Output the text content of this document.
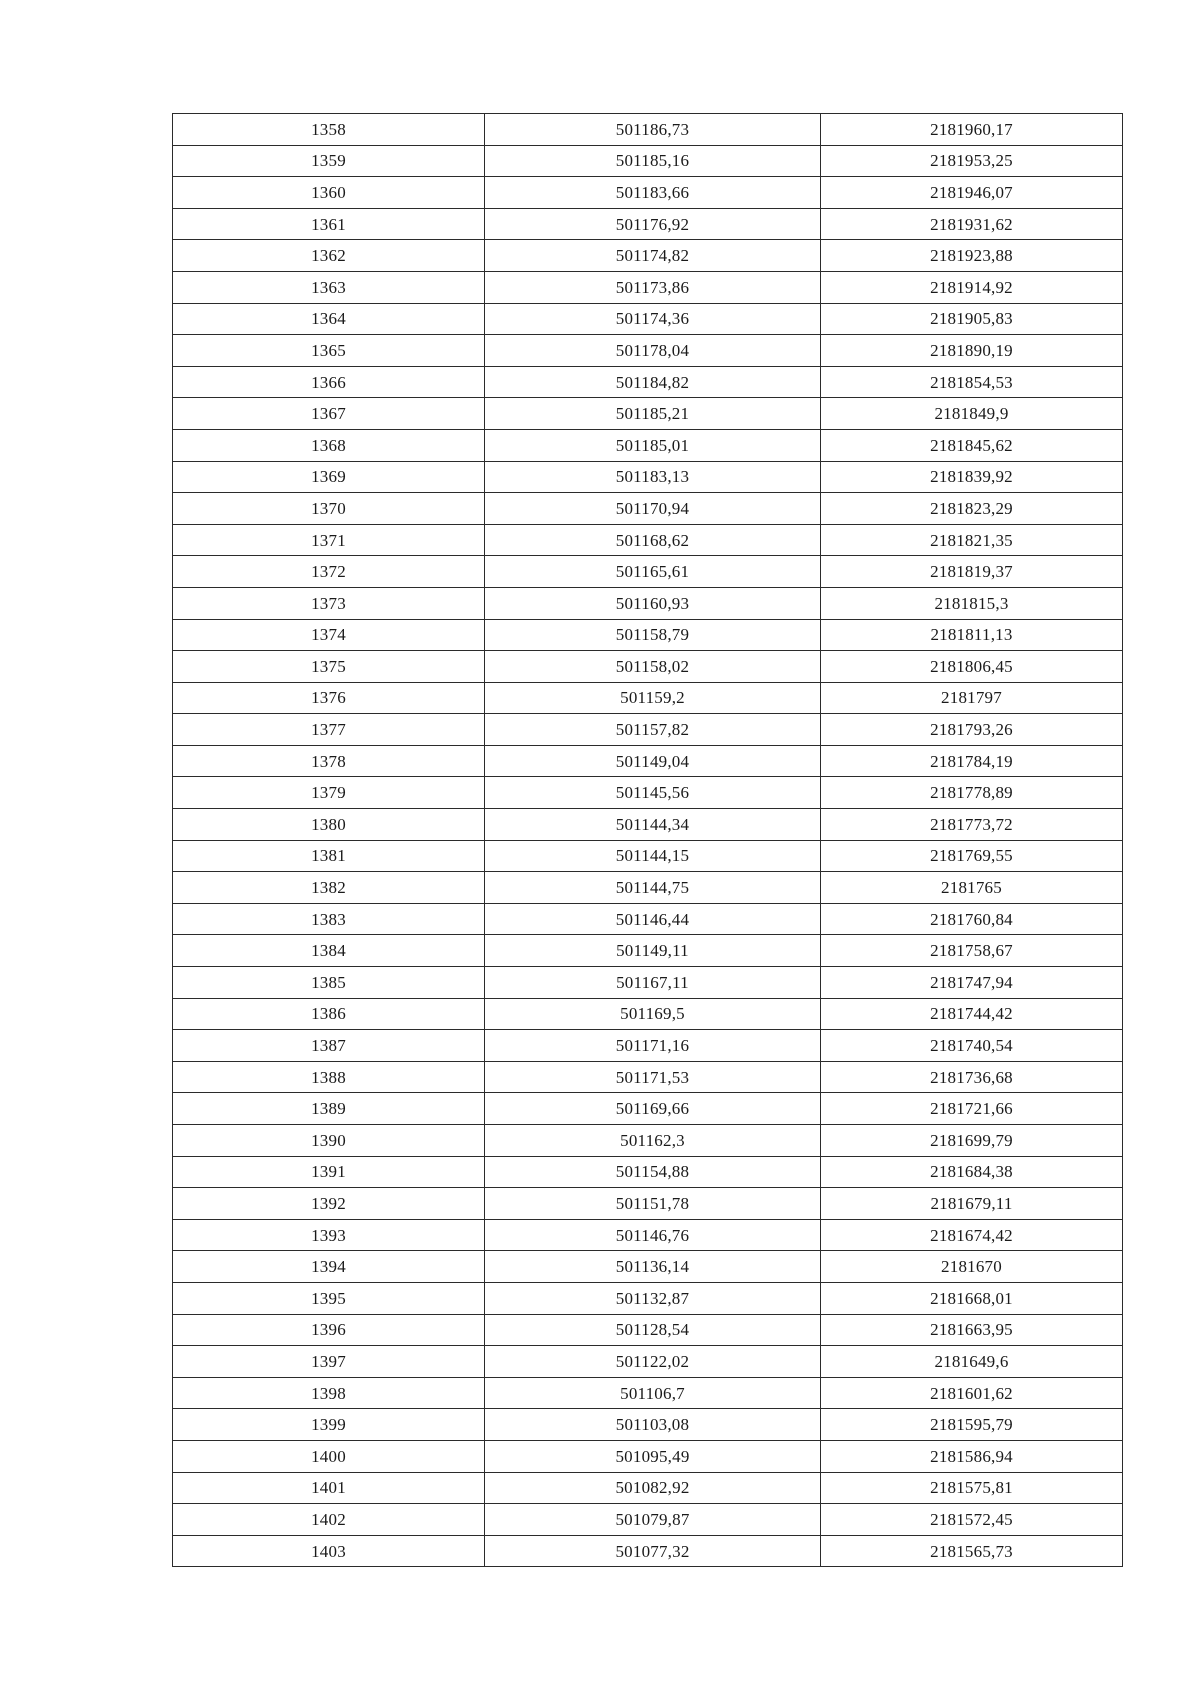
1358	501186,73	2181960,17
1359	501185,16	2181953,25
1360	501183,66	2181946,07
1361	501176,92	2181931,62
1362	501174,82	2181923,88
1363	501173,86	2181914,92
1364	501174,36	2181905,83
1365	501178,04	2181890,19
1366	501184,82	2181854,53
1367	501185,21	2181849,9
1368	501185,01	2181845,62
1369	501183,13	2181839,92
1370	501170,94	2181823,29
1371	501168,62	2181821,35
1372	501165,61	2181819,37
1373	501160,93	2181815,3
1374	501158,79	2181811,13
1375	501158,02	2181806,45
1376	501159,2	2181797
1377	501157,82	2181793,26
1378	501149,04	2181784,19
1379	501145,56	2181778,89
1380	501144,34	2181773,72
1381	501144,15	2181769,55
1382	501144,75	2181765
1383	501146,44	2181760,84
1384	501149,11	2181758,67
1385	501167,11	2181747,94
1386	501169,5	2181744,42
1387	501171,16	2181740,54
1388	501171,53	2181736,68
1389	501169,66	2181721,66
1390	501162,3	2181699,79
1391	501154,88	2181684,38
1392	501151,78	2181679,11
1393	501146,76	2181674,42
1394	501136,14	2181670
1395	501132,87	2181668,01
1396	501128,54	2181663,95
1397	501122,02	2181649,6
1398	501106,7	2181601,62
1399	501103,08	2181595,79
1400	501095,49	2181586,94
1401	501082,92	2181575,81
1402	501079,87	2181572,45
1403	501077,32	2181565,73
